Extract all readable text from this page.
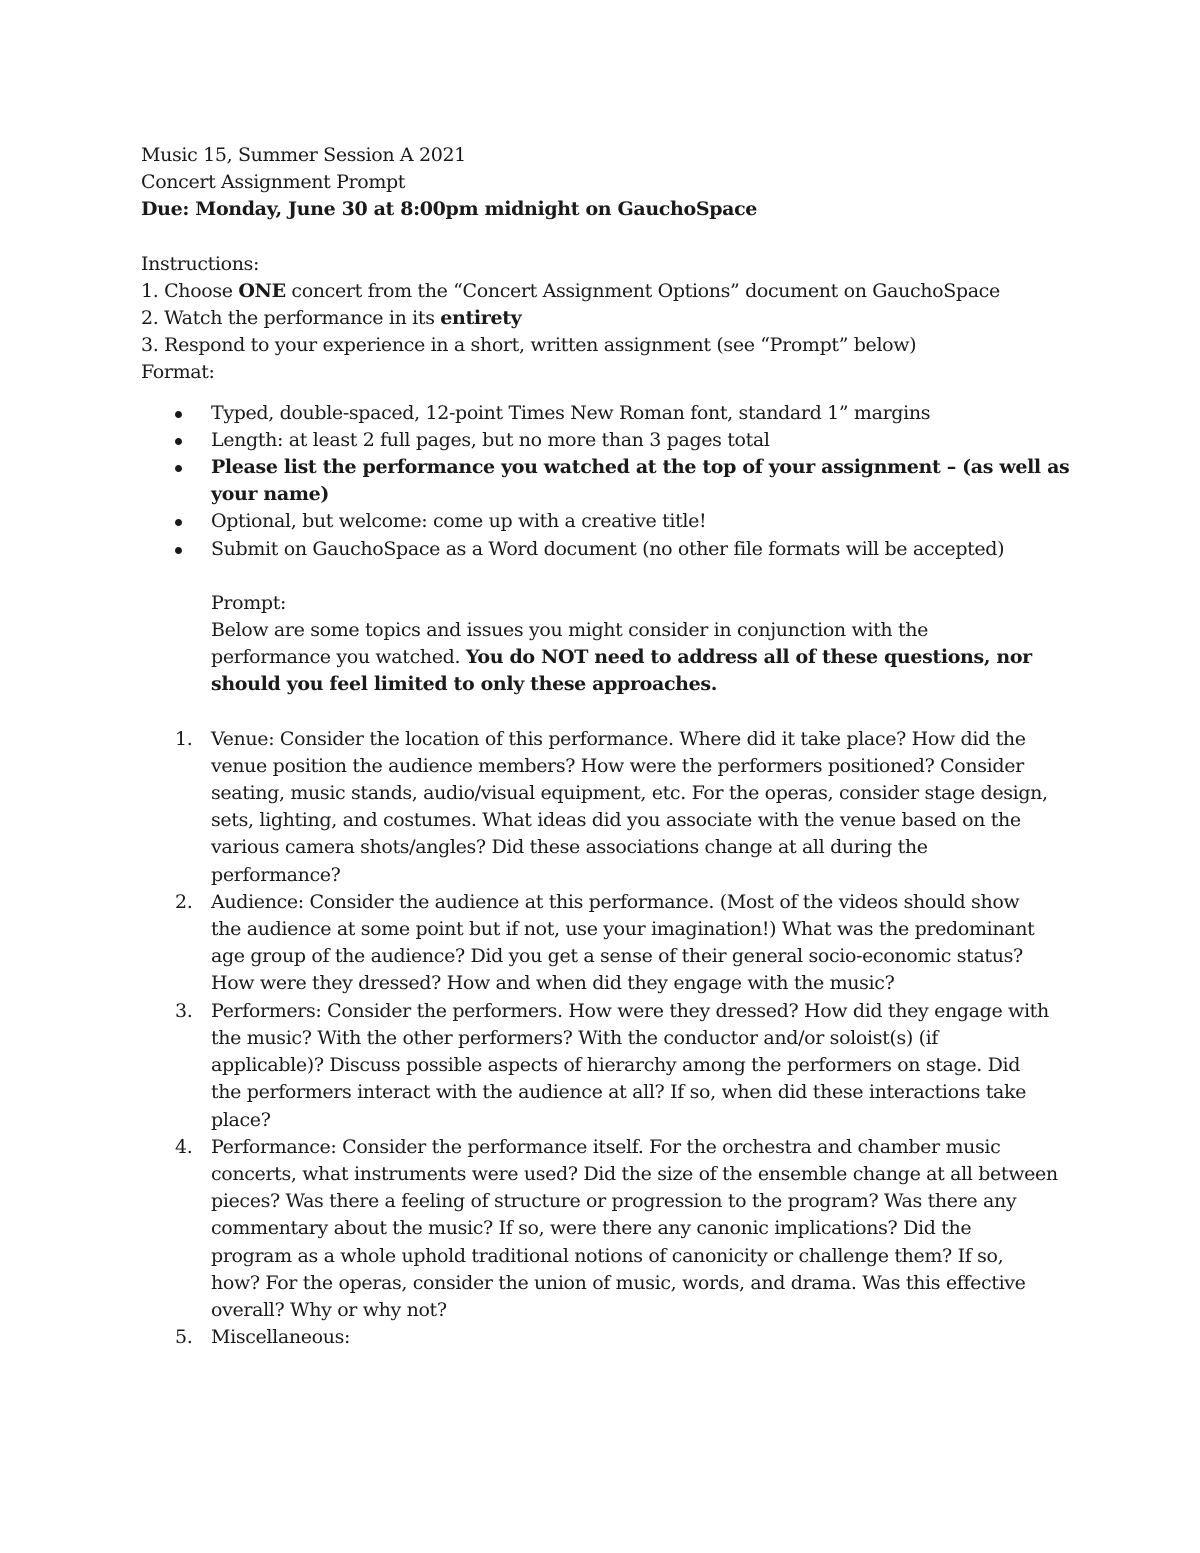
Music 15, Summer Session A 2021
Concert Assignment Prompt
Due: Monday, June 30 at 8:00pm midnight on GauchoSpace
Instructions:
1. Choose ONE concert from the “Concert Assignment Options” document on GauchoSpace
2. Watch the performance in its entirety
3. Respond to your experience in a short, written assignment (see “Prompt” below)
Format:
Typed, double-spaced, 12-point Times New Roman font, standard 1” margins
Length: at least 2 full pages, but no more than 3 pages total
Please list the performance you watched at the top of your assignment – (as well as
your name)
Optional, but welcome: come up with a creative title!
Submit on GauchoSpace as a Word document (no other file formats will be accepted)
Prompt:
Below are some topics and issues you might consider in conjunction with the
performance you watched. You do NOT need to address all of these questions, nor
should you feel limited to only these approaches.
1. Venue: Consider the location of this performance. Where did it take place? How did the
venue position the audience members? How were the performers positioned? Consider
seating, music stands, audio/visual equipment, etc. For the operas, consider stage design,
sets, lighting, and costumes. What ideas did you associate with the venue based on the
various camera shots/angles? Did these associations change at all during the
performance?
2. Audience: Consider the audience at this performance. (Most of the videos should show
the audience at some point but if not, use your imagination!) What was the predominant
age group of the audience? Did you get a sense of their general socio-economic status?
How were they dressed? How and when did they engage with the music?
3. Performers: Consider the performers. How were they dressed? How did they engage with
the music? With the other performers? With the conductor and/or soloist(s) (if
applicable)? Discuss possible aspects of hierarchy among the performers on stage. Did
the performers interact with the audience at all? If so, when did these interactions take
place?
4. Performance: Consider the performance itself. For the orchestra and chamber music
concerts, what instruments were used? Did the size of the ensemble change at all between
pieces? Was there a feeling of structure or progression to the program? Was there any
commentary about the music? If so, were there any canonic implications? Did the
program as a whole uphold traditional notions of canonicity or challenge them? If so,
how? For the operas, consider the union of music, words, and drama. Was this effective
overall? Why or why not?
5. Miscellaneous:
